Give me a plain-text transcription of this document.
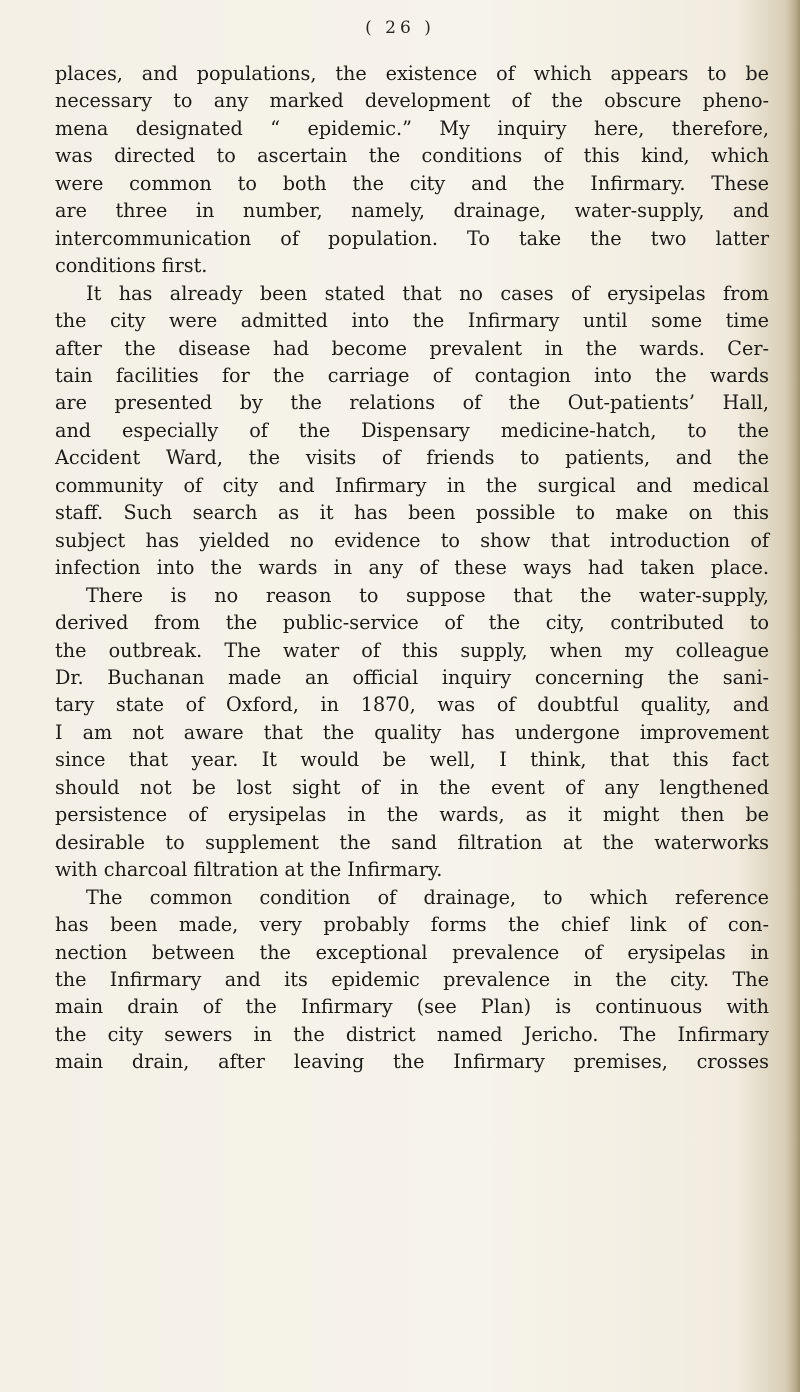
( 26 )

places, and populations, the existence of which appears to be

necessary to any marked development of the obscure pheno-

mena designated “ epidemic.” My inquiry here, therefore,

was directed to ascertain the conditions of this kind, which

were common to both the city and the Infirmary. These

are three in number, namely, drainage, water-supply, and

intercommunication of population. To take the two latter

conditions first.

It has already been stated that no cases of erysipelas from

the city were admitted into the Infirmary until some time

after the disease had become prevalent in the wards. Cer-

tain facilities for the carriage of contagion into the wards

are presented by the relations of the Out-patients’ Hall,

and especially of the Dispensary medicine-hatch, to the

Accident Ward, the visits of friends to patients, and the

community of city and Infirmary in the surgical and medical

staff. Such search as it has been possible to make on this

subject has yielded no evidence to show that introduction of

infection into the wards in any of these ways had taken place.

There is no reason to suppose that the water-supply,

derived from the public-service of the city, contributed to

the outbreak. The water of this supply, when my colleague

Dr. Buchanan made an official inquiry concerning the sani-

tary state of Oxford, in 1870, was of doubtful quality, and

I am not aware that the quality has undergone improvement

since that year. It would be well, I think, that this fact

should not be lost sight of in the event of any lengthened

persistence of erysipelas in the wards, as it might then be

desirable to supplement the sand filtration at the waterworks

with charcoal filtration at the Infirmary.

The common condition of drainage, to which reference

has been made, very probably forms the chief link of con-

nection between the exceptional prevalence of erysipelas in

the Infirmary and its epidemic prevalence in the city. The

main drain of the Infirmary (see Plan) is continuous with

the city sewers in the district named Jericho. The Infirmary

main drain, after leaving the Infirmary premises, crosses
